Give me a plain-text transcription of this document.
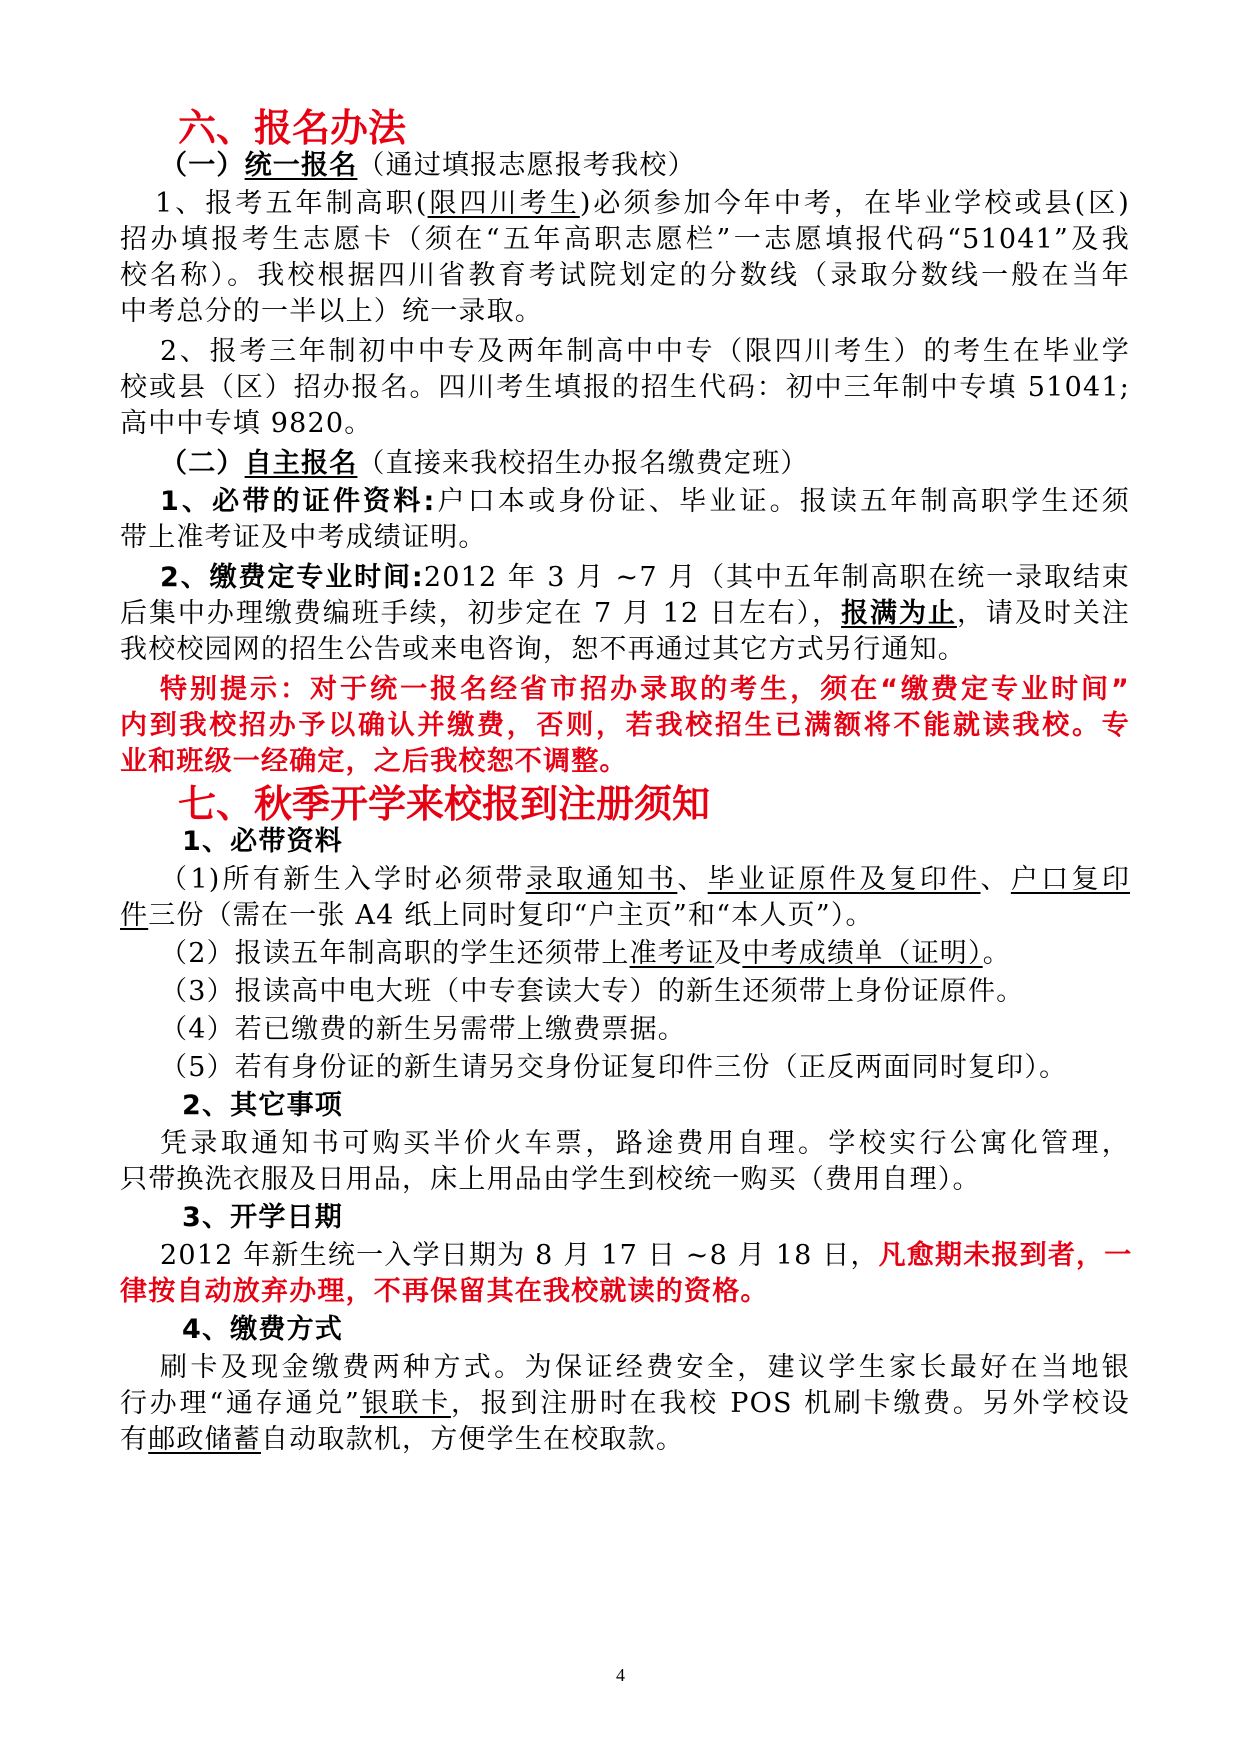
六、报名办法
（一）统一报名（通过填报志愿报考我校）
1、报考五年制高职(限四川考生)必须参加今年中考，在毕业学校或县(区)
招办填报考生志愿卡（须在“五年高职志愿栏”一志愿填报代码“51041”及我
校名称）。我校根据四川省教育考试院划定的分数线（录取分数线一般在当年
中考总分的一半以上）统一录取。
2、报考三年制初中中专及两年制高中中专（限四川考生）的考生在毕业学
校或县（区）招办报名。四川考生填报的招生代码：初中三年制中专填 51041;
高中中专填 9820。
（二）自主报名（直接来我校招生办报名缴费定班）
1、必带的证件资料:户口本或身份证、毕业证。报读五年制高职学生还须
带上准考证及中考成绩证明。
2、缴费定专业时间:2012 年 3 月 ~7 月（其中五年制高职在统一录取结束
后集中办理缴费编班手续，初步定在 7 月 12 日左右），报满为止，请及时关注
我校校园网的招生公告或来电咨询，恕不再通过其它方式另行通知。
特别提示：对于统一报名经省市招办录取的考生，须在“缴费定专业时间”
内到我校招办予以确认并缴费，否则，若我校招生已满额将不能就读我校。专
业和班级一经确定，之后我校恕不调整。
七、秋季开学来校报到注册须知
1、必带资料
（1)所有新生入学时必须带录取通知书、毕业证原件及复印件、户口复印
件三份（需在一张 A4 纸上同时复印“户主页”和“本人页”）。
（2）报读五年制高职的学生还须带上准考证及中考成绩单（证明）。
（3）报读高中电大班（中专套读大专）的新生还须带上身份证原件。
（4）若已缴费的新生另需带上缴费票据。
（5）若有身份证的新生请另交身份证复印件三份（正反两面同时复印）。
2、其它事项
凭录取通知书可购买半价火车票，路途费用自理。学校实行公寓化管理，
只带换洗衣服及日用品，床上用品由学生到校统一购买（费用自理）。
3、开学日期
2012 年新生统一入学日期为 8 月 17 日 ~8 月 18 日，凡愈期未报到者，一
律按自动放弃办理，不再保留其在我校就读的资格。
4、缴费方式
刷卡及现金缴费两种方式。为保证经费安全，建议学生家长最好在当地银
行办理“通存通兑”银联卡，报到注册时在我校 POS 机刷卡缴费。另外学校设
有邮政储蓄自动取款机，方便学生在校取款。
4
